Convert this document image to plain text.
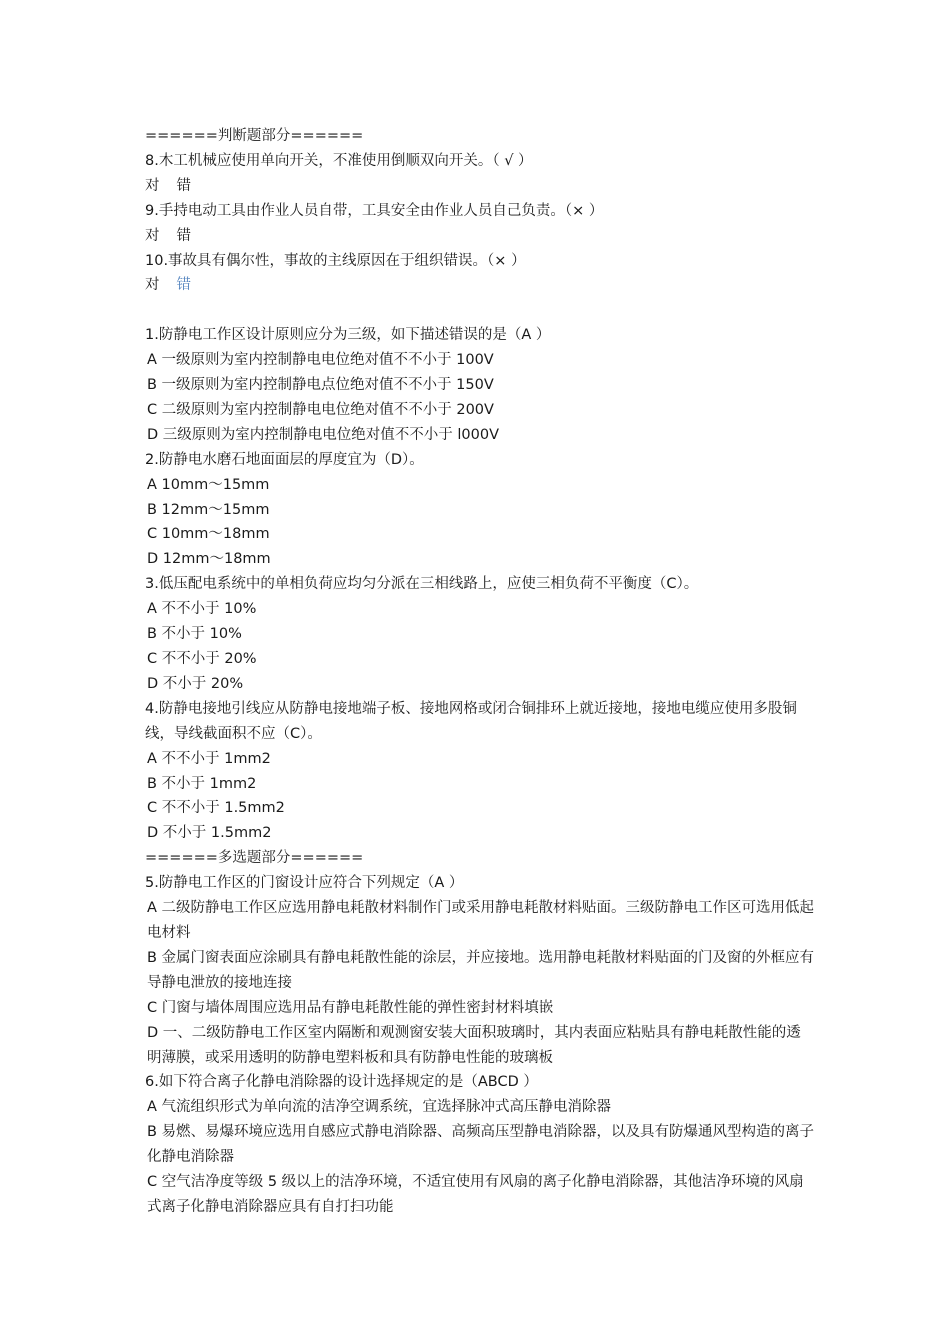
======判断题部分======
8.木工机械应使用单向开关，不准使用倒顺双向开关。（ √ ）
对 错
9.手持电动工具由作业人员自带，工具安全由作业人员自己负责。（× ）
对 错
10.事故具有偶尔性，事故的主线原因在于组织错误。（× ）
对 错
1.防静电工作区设计原则应分为三级，如下描述错误的是（A ）
A 一级原则为室内控制静电电位绝对值不不小于 100V
B 一级原则为室内控制静电点位绝对值不不小于 150V
C 二级原则为室内控制静电电位绝对值不不小于 200V
D 三级原则为室内控制静电电位绝对值不不小于 l000V
2.防静电水磨石地面面层的厚度宜为（D）。
A 10mm～15mm
B 12mm～15mm
C 10mm～18mm
D 12mm～18mm
3.低压配电系统中的单相负荷应均匀分派在三相线路上，应使三相负荷不平衡度（C）。
A 不不小于 10%
B 不小于 10%
C 不不小于 20%
D 不小于 20%
4.防静电接地引线应从防静电接地端子板、接地网格或闭合铜排环上就近接地，接地电缆应使用多股铜线，导线截面积不应（C）。
A 不不小于 1mm2
B 不小于 1mm2
C 不不小于 1.5mm2
D 不小于 1.5mm2
======多选题部分======
5.防静电工作区的门窗设计应符合下列规定（A ）
A 二级防静电工作区应选用静电耗散材料制作门或采用静电耗散材料贴面。三级防静电工作区可选用低起电材料
B 金属门窗表面应涂刷具有静电耗散性能的涂层，并应接地。选用静电耗散材料贴面的门及窗的外框应有导静电泄放的接地连接
C 门窗与墙体周围应选用品有静电耗散性能的弹性密封材料填嵌
D 一、二级防静电工作区室内隔断和观测窗安装大面积玻璃时，其内表面应粘贴具有静电耗散性能的透明薄膜，或采用透明的防静电塑料板和具有防静电性能的玻璃板
6.如下符合离子化静电消除器的设计选择规定的是（ABCD ）
A 气流组织形式为单向流的洁净空调系统，宜选择脉冲式高压静电消除器
B 易燃、易爆环境应选用自感应式静电消除器、高频高压型静电消除器，以及具有防爆通风型构造的离子化静电消除器
C 空气洁净度等级 5 级以上的洁净环境，不适宜使用有风扇的离子化静电消除器，其他洁净环境的风扇式离子化静电消除器应具有自打扫功能
